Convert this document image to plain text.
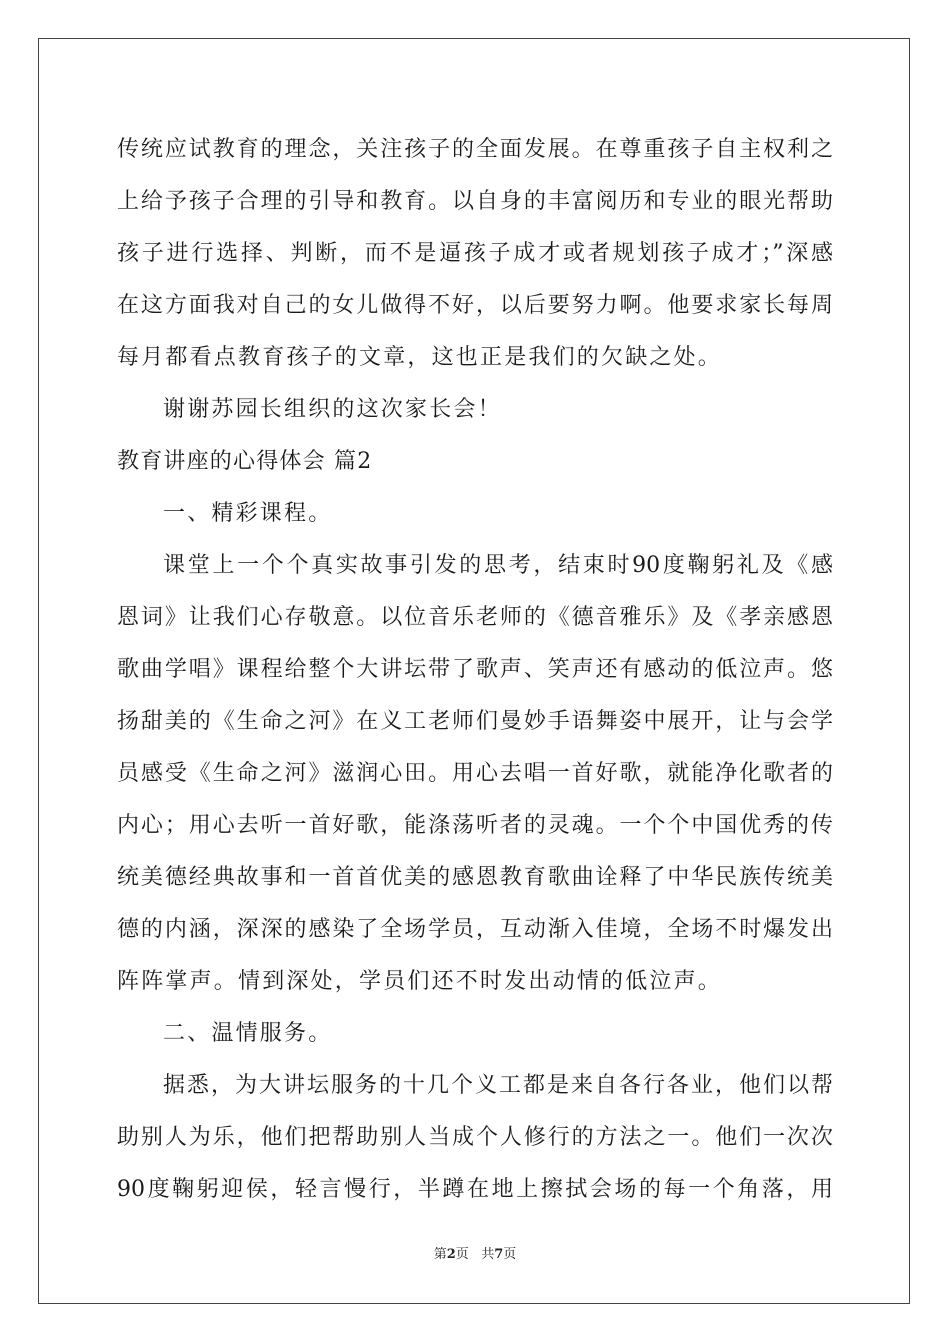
传统应试教育的理念，关注孩子的全面发展。在尊重孩子自主权利之
上给予孩子合理的引导和教育。以自身的丰富阅历和专业的眼光帮助
孩子进行选择、判断，而不是逼孩子成才或者规划孩子成才；”深感
在这方面我对自己的女儿做得不好，以后要努力啊。他要求家长每周
每月都看点教育孩子的文章，这也正是我们的欠缺之处。
谢谢苏园长组织的这次家长会！
教育讲座的心得体会 篇2
一、精彩课程。
课堂上一个个真实故事引发的思考，结束时90度鞠躬礼及《感
恩词》让我们心存敬意。以位音乐老师的《德音雅乐》及《孝亲感恩
歌曲学唱》课程给整个大讲坛带了歌声、笑声还有感动的低泣声。悠
扬甜美的《生命之河》在义工老师们曼妙手语舞姿中展开，让与会学
员感受《生命之河》滋润心田。用心去唱一首好歌，就能净化歌者的
内心；用心去听一首好歌，能涤荡听者的灵魂。一个个中国优秀的传
统美德经典故事和一首首优美的感恩教育歌曲诠释了中华民族传统美
德的内涵，深深的感染了全场学员，互动渐入佳境，全场不时爆发出
阵阵掌声。情到深处，学员们还不时发出动情的低泣声。
二、温情服务。
据悉，为大讲坛服务的十几个义工都是来自各行各业，他们以帮
助别人为乐，他们把帮助别人当成个人修行的方法之一。他们一次次
90度鞠躬迎侯，轻言慢行，半蹲在地上擦拭会场的每一个角落，用
第2页 共7页
